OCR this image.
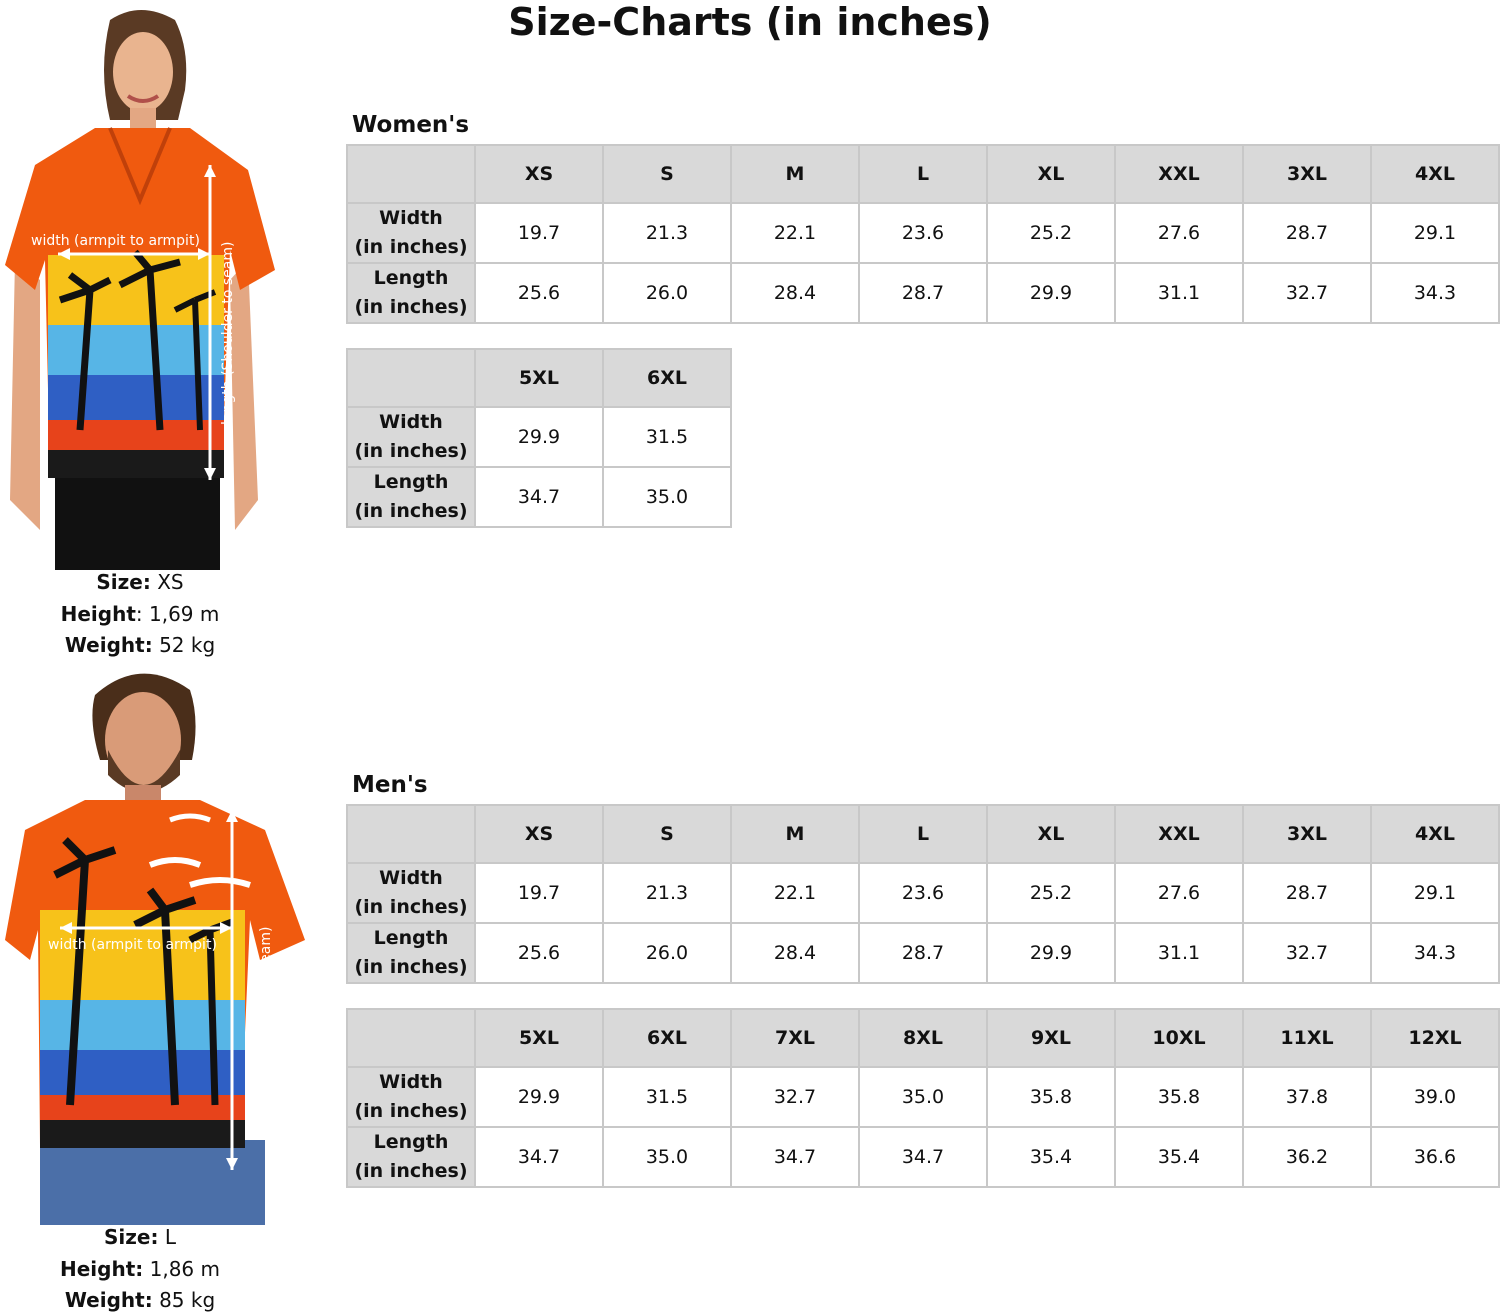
Size-Charts (in inches)
Women's
	XS	S	M	L	XL	XXL	3XL	4XL

Width
(in inches)	19.7	21.3	22.1	23.6	25.2	27.6	28.7	29.1

Length
(in inches)	25.6	26.0	28.4	28.7	29.9	31.1	32.7	34.3
	5XL	6XL

Width
(in inches)	29.9	31.5

Length
(in inches)	34.7	35.0
Men's
	XS	S	M	L	XL	XXL	3XL	4XL

Width
(in inches)	19.7	21.3	22.1	23.6	25.2	27.6	28.7	29.1

Length
(in inches)	25.6	26.0	28.4	28.7	29.9	31.1	32.7	34.3
	5XL	6XL	7XL	8XL	9XL	10XL	11XL	12XL

Width
(in inches)	29.9	31.5	32.7	35.0	35.8	35.8	37.8	39.0

Length
(in inches)	34.7	35.0	34.7	34.7	35.4	35.4	36.2	36.6
width (armpit to armpit)
length (Shoulder to seam)
Size: XS
Height: 1,69 m
Weight: 52 kg
width (armpit to armpit)	length (Shoulder to seam)
Size: L
Height: 1,86 m
Weight: 85 kg
